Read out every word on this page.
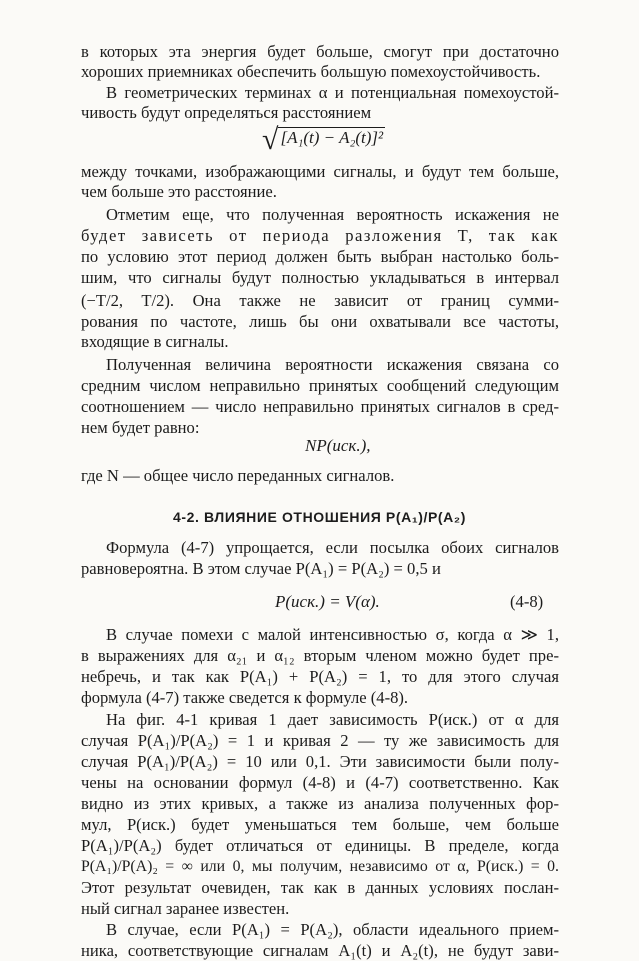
в которых эта энергия будет больше, смогут при достаточно
хороших приемниках обеспечить большую помехоустойчивость.
В геометрических терминах α и потенциальная помехоустой-
чивость будут определяться расстоянием
√ [A₁(t) − A₂(t)]²
между точками, изображающими сигналы, и будут тем больше,
чем больше это расстояние.
Отметим еще, что полученная вероятность искажения не
будет зависеть от периода разложения T, так как
по условию этот период должен быть выбран настолько боль-
шим, что сигналы будут полностью укладываться в интервал
(−T/2, T/2). Она также не зависит от границ сумми-
рования по частоте, лишь бы они охватывали все частоты,
входящие в сигналы.
Полученная величина вероятности искажения связана со
средним числом неправильно принятых сообщений следующим
соотношением — число неправильно принятых сигналов в сред-
нем будет равно:
NP(иск.),
где N — общее число переданных сигналов.
4-2. ВЛИЯНИЕ ОТНОШЕНИЯ P(A₁)/P(A₂)
Формула (4-7) упрощается, если посылка обоих сигналов
равновероятна. В этом случае P(A₁) = P(A₂) = 0,5 и
P(иск.) = V(α).	(4-8)
В случае помехи с малой интенсивностью σ, когда α ≫ 1,
в выражениях для α₂₁ и α₁₂ вторым членом можно будет пре-
небречь, и так как P(A₁) + P(A₂) = 1, то для этого случая
формула (4-7) также сведется к формуле (4-8).
На фиг. 4-1 кривая 1 дает зависимость P(иск.) от α для
случая P(A₁)/P(A₂) = 1 и кривая 2 — ту же зависимость для
случая P(A₁)/P(A₂) = 10 или 0,1. Эти зависимости были полу-
чены на основании формул (4-8) и (4-7) соответственно. Как
видно из этих кривых, а также из анализа полученных фор-
мул, P(иск.) будет уменьшаться тем больше, чем больше
P(A₁)/P(A₂) будет отличаться от единицы. В пределе, когда
P(A₁)/P(A)₂ = ∞ или 0, мы получим, независимо от α, P(иск.) = 0.
Этот результат очевиден, так как в данных условиях послан-
ный сигнал заранее известен.
В случае, если P(A₁) = P(A₂), области идеального прием-
ника, соответствующие сигналам A₁(t) и A₂(t), не будут зави-
